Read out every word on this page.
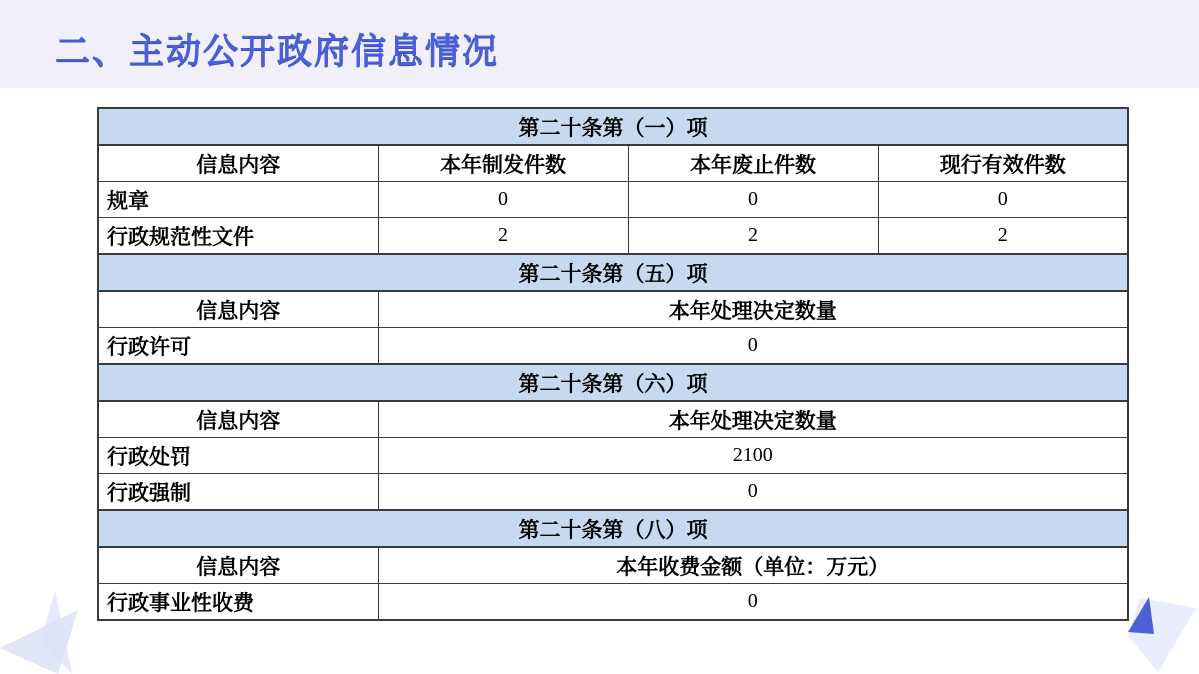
二、主动公开政府信息情况
第二十条第（一）项			
信息内容	本年制发件数	本年废止件数	现行有效件数
规章	0	0	0
行政规范性文件	2	2	2
第二十条第（五）项			
信息内容	本年处理决定数量		
行政许可	0		
第二十条第（六）项			
信息内容	本年处理决定数量		
行政处罚	2100		
行政强制	0		
第二十条第（八）项			
信息内容	本年收费金额（单位：万元）		
行政事业性收费	0		
